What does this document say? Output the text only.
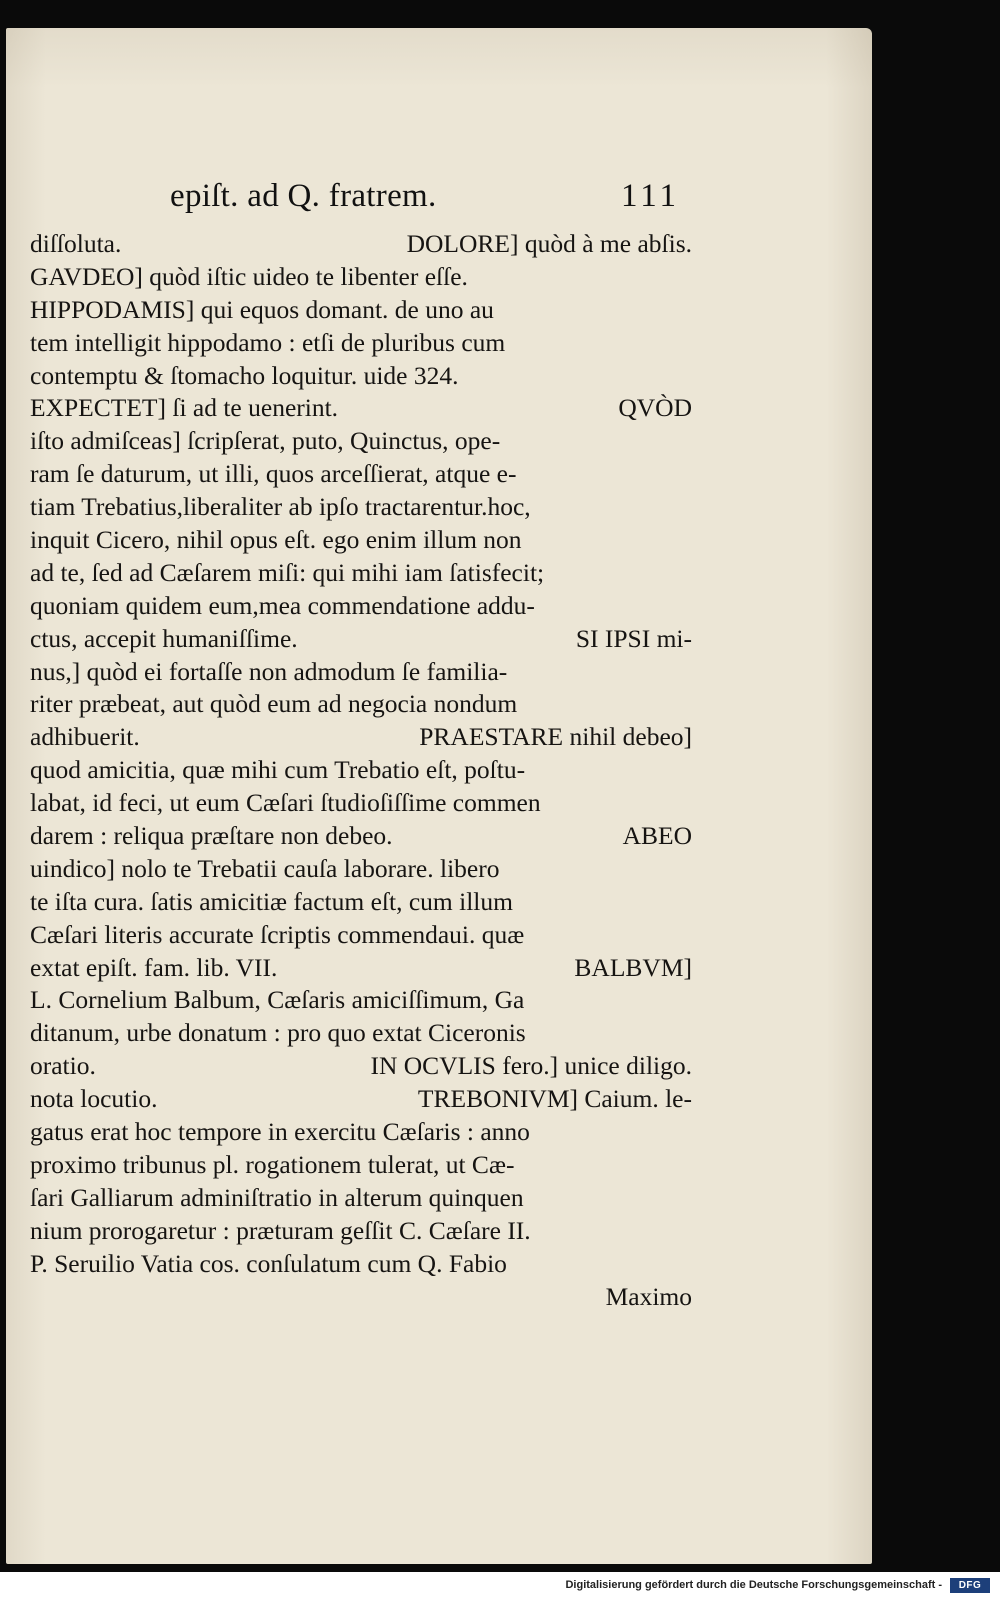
epiſt. ad Q. fratrem.	111
diſſoluta.	DOLORE] quòd à me abſis.
GAVDEO] quòd iſtic uideo te libenter eſſe.
HIPPODAMIS] qui equos domant. de uno au
tem intelligit hippodamo : etſi de pluribus cum
contemptu & ſtomacho loquitur. uide 324.
EXPECTET] ſi ad te uenerint.	QVÒD
iſto admiſceas] ſcripſerat, puto, Quinctus, ope-
ram ſe daturum, ut illi, quos arceſſierat, atque e-
tiam Trebatius,liberaliter ab ipſo tractarentur.hoc,
inquit Cicero, nihil opus eſt. ego enim illum non
ad te, ſed ad Cæſarem miſi: qui mihi iam ſatisfecit;
quoniam quidem eum,mea commendatione addu-
ctus, accepit humaniſſime.	SI IPSI mi-
nus,] quòd ei fortaſſe non admodum ſe familia-
riter præbeat, aut quòd eum ad negocia nondum
adhibuerit.	PRAESTARE nihil debeo]
quod amicitia, quæ mihi cum Trebatio eſt, poſtu-
labat, id feci, ut eum Cæſari ſtudioſiſſime commen
darem : reliqua præſtare non debeo.	ABEO
uindico] nolo te Trebatii cauſa laborare. libero
te iſta cura. ſatis amicitiæ factum eſt, cum illum
Cæſari literis accurate ſcriptis commendaui. quæ
extat epiſt. fam. lib. VII.	BALBVM]
L. Cornelium Balbum, Cæſaris amiciſſimum, Ga
ditanum, urbe donatum : pro quo extat Ciceronis
oratio.	IN OCVLIS fero.] unice diligo.
nota locutio.	TREBONIVM] Caium. le-
gatus erat hoc tempore in exercitu Cæſaris : anno
proximo tribunus pl. rogationem tulerat, ut Cæ-
ſari Galliarum adminiſtratio in alterum quinquen
nium prorogaretur : præturam geſſit C. Cæſare II.
P. Seruilio Vatia cos. conſulatum cum Q. Fabio
Maximo
Digitalisierung gefördert durch die Deutsche Forschungsgemeinschaft -	DFG
